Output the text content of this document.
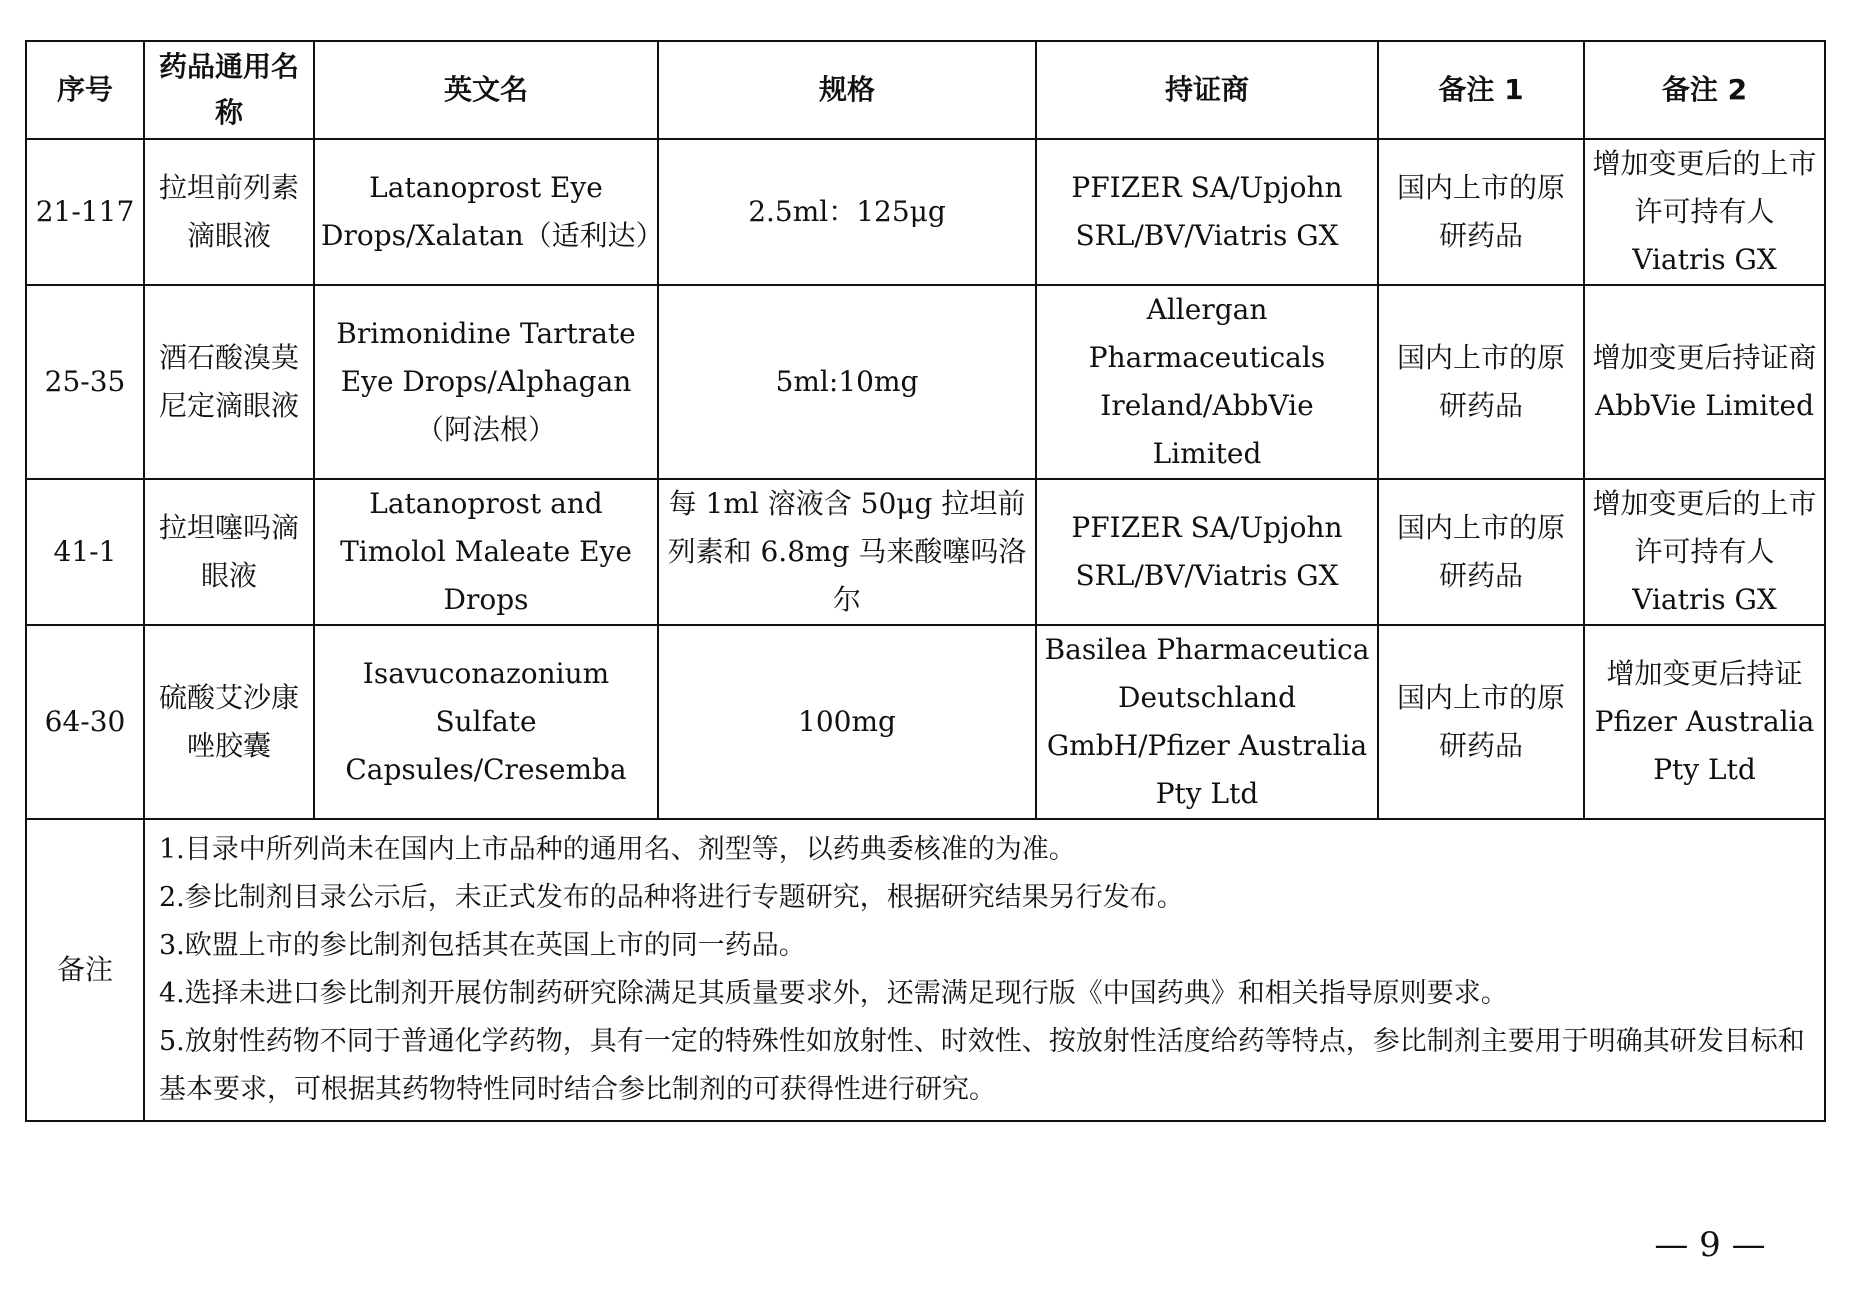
序号	药品通用名称	英文名	规格	持证商	备注 1	备注 2
21-117	拉坦前列素滴眼液	Latanoprost Eye Drops/Xalatan（适利达）	2.5ml：125μg	PFIZER SA/Upjohn SRL/BV/Viatris GX	国内上市的原研药品	增加变更后的上市许可持有人 Viatris GX
25-35	酒石酸溴莫尼定滴眼液	Brimonidine Tartrate Eye Drops/Alphagan（阿法根）	5ml:10mg	Allergan Pharmaceuticals Ireland/AbbVie Limited	国内上市的原研药品	增加变更后持证商 AbbVie Limited
41-1	拉坦噻吗滴眼液	Latanoprost and Timolol Maleate Eye Drops	每 1ml 溶液含 50μg 拉坦前列素和 6.8mg 马来酸噻吗洛尔	PFIZER SA/Upjohn SRL/BV/Viatris GX	国内上市的原研药品	增加变更后的上市许可持有人 Viatris GX
64-30	硫酸艾沙康唑胶囊	Isavuconazonium Sulfate Capsules/Cresemba	100mg	Basilea Pharmaceutica Deutschland GmbH/Pfizer Australia Pty Ltd	国内上市的原研药品	增加变更后持证 Pfizer Australia Pty Ltd
备注	1.目录中所列尚未在国内上市品种的通用名、剂型等，以药典委核准的为准。
2.参比制剂目录公示后，未正式发布的品种将进行专题研究，根据研究结果另行发布。
3.欧盟上市的参比制剂包括其在英国上市的同一药品。
4.选择未进口参比制剂开展仿制药研究除满足其质量要求外，还需满足现行版《中国药典》和相关指导原则要求。
5.放射性药物不同于普通化学药物，具有一定的特殊性如放射性、时效性、按放射性活度给药等特点，参比制剂主要用于明确其研发目标和基本要求，可根据其药物特性同时结合参比制剂的可获得性进行研究。					
— 9 —
